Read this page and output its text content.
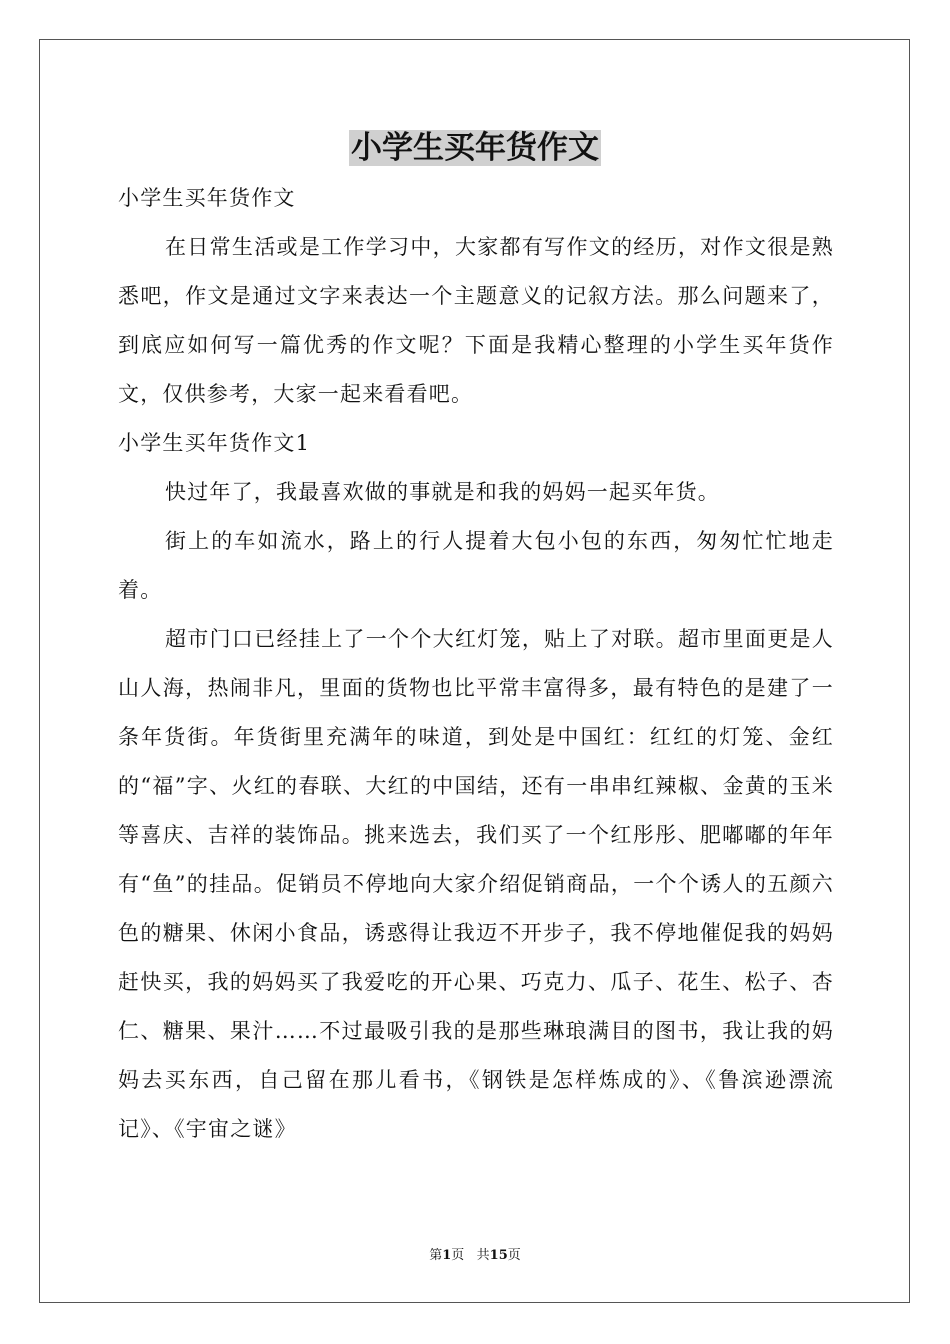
小学生买年货作文

小学生买年货作文

在日常生活或是工作学习中，大家都有写作文的经历，对作文很是熟悉吧，作文是通过文字来表达一个主题意义的记叙方法。那么问题来了，到底应如何写一篇优秀的作文呢？下面是我精心整理的小学生买年货作文，仅供参考，大家一起来看看吧。

小学生买年货作文1

快过年了，我最喜欢做的事就是和我的妈妈一起买年货。

街上的车如流水，路上的行人提着大包小包的东西，匆匆忙忙地走着。

超市门口已经挂上了一个个大红灯笼，贴上了对联。超市里面更是人山人海，热闹非凡，里面的货物也比平常丰富得多，最有特色的是建了一条年货街。年货街里充满年的味道，到处是中国红：红红的灯笼、金红的“福”字、火红的春联、大红的中国结，还有一串串红辣椒、金黄的玉米等喜庆、吉祥的装饰品。挑来选去，我们买了一个红彤彤、肥嘟嘟的年年有“鱼”的挂品。促销员不停地向大家介绍促销商品，一个个诱人的五颜六色的糖果、休闲小食品，诱惑得让我迈不开步子，我不停地催促我的妈妈赶快买，我的妈妈买了我爱吃的开心果、巧克力、瓜子、花生、松子、杏仁、糖果、果汁……不过最吸引我的是那些琳琅满目的图书，我让我的妈妈去买东西，自己留在那儿看书，《钢铁是怎样炼成的》、《鲁滨逊漂流记》、《宇宙之谜》

第1页   共15页
